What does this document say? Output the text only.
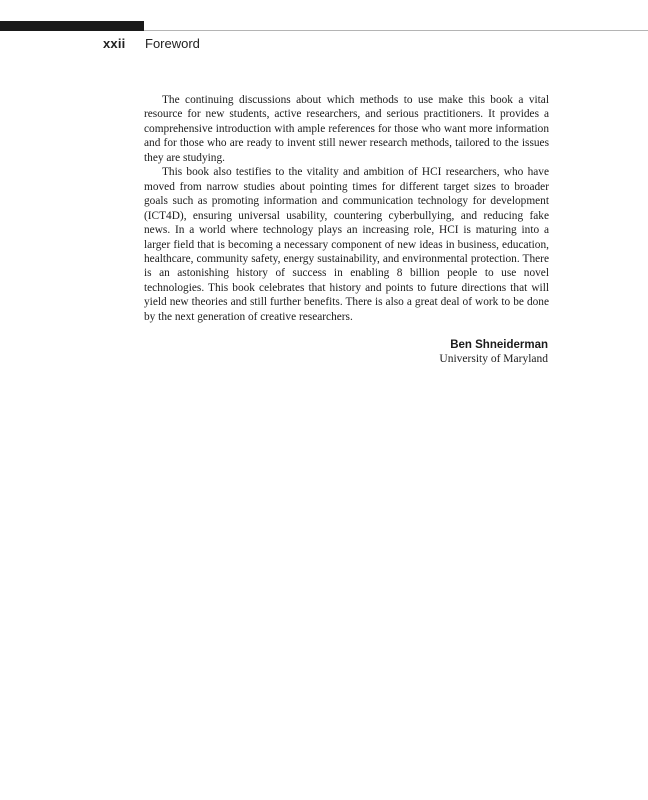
xxii Foreword

The continuing discussions about which methods to use make this book a vital resource for new students, active researchers, and serious practitioners. It provides a comprehensive introduction with ample references for those who want more information and for those who are ready to invent still newer research methods, tailored to the issues they are studying.

This book also testifies to the vitality and ambition of HCI researchers, who have moved from narrow studies about pointing times for different target sizes to broader goals such as promoting information and communication technology for development (ICT4D), ensuring universal usability, countering cyberbullying, and reducing fake news. In a world where technology plays an increasing role, HCI is maturing into a larger field that is becoming a necessary component of new ideas in business, education, healthcare, community safety, energy sustainability, and environmental protection. There is an astonishing history of success in enabling 8 billion people to use novel technologies. This book celebrates that history and points to future directions that will yield new theories and still further benefits. There is also a great deal of work to be done by the next generation of creative researchers.

Ben Shneiderman
University of Maryland
